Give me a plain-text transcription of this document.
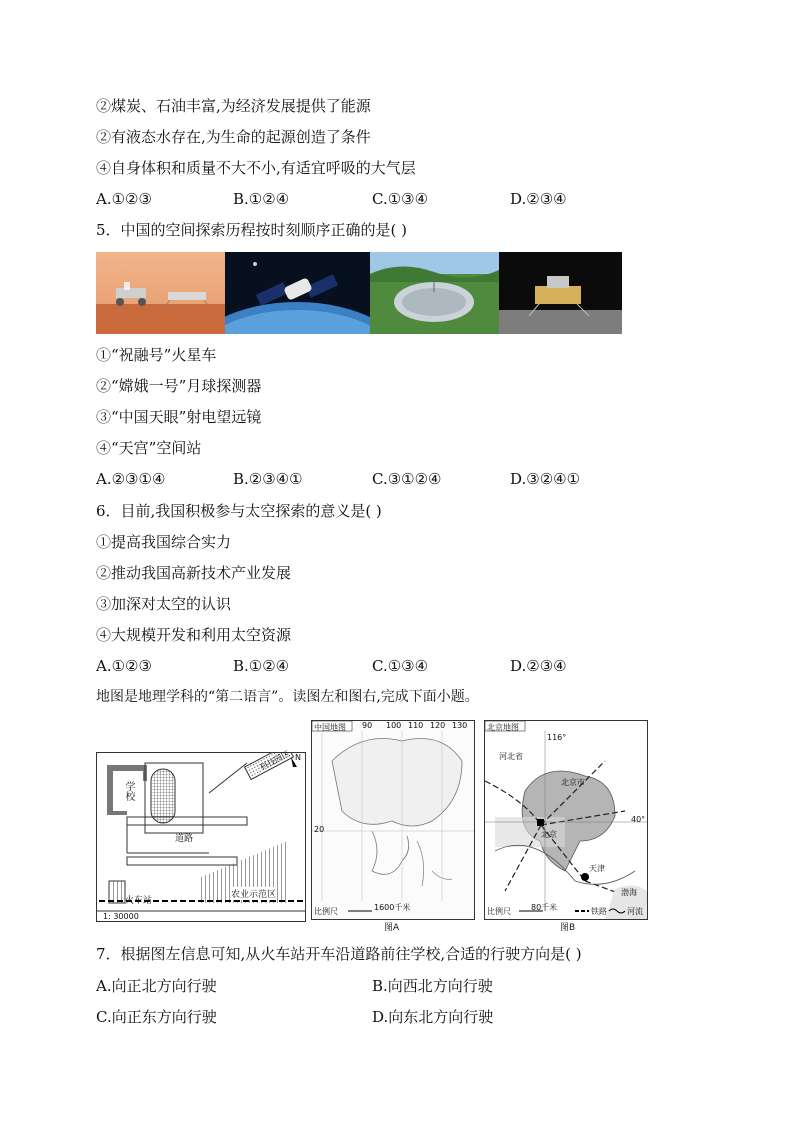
②煤炭、石油丰富,为经济发展提供了能源
②有液态水存在,为生命的起源创造了条件
④自身体积和质量不大不小,有适宜呼吸的大气层
A.①②③	B.①②④	C.①③④	D.②③④
5．中国的空间探索历程按时刻顺序正确的是( )
①“祝融号”火星车
②“嫦娥一号”月球探测器
③“中国天眼”射电望远镜
④“天宫”空间站
A.②③①④	B.②③④①	C.③①②④	D.③②④①
6．目前,我国积极参与太空探索的意义是( )
①提高我国综合实力
②推动我国高新技术产业发展
③加深对太空的认识
④大规模开发和利用太空资源
A.①②③	B.①②④	C.①③④	D.②③④
地图是地理学科的“第二语言”。读图左和图右,完成下面小题。
学校
道路
科技园区
火车站
农业示范区
1: 30000
N
中国地图 90 100 110 120 130
20
比例尺	1600千米
图A
北京地图
116°
40°
河北省
北京市
北京
天津
渤海
比例尺	80千米	铁路	河流
图B
7．根据图左信息可知,从火车站开车沿道路前往学校,合适的行驶方向是( )
A.向正北方向行驶	B.向西北方向行驶
C.向正东方向行驶	D.向东北方向行驶
